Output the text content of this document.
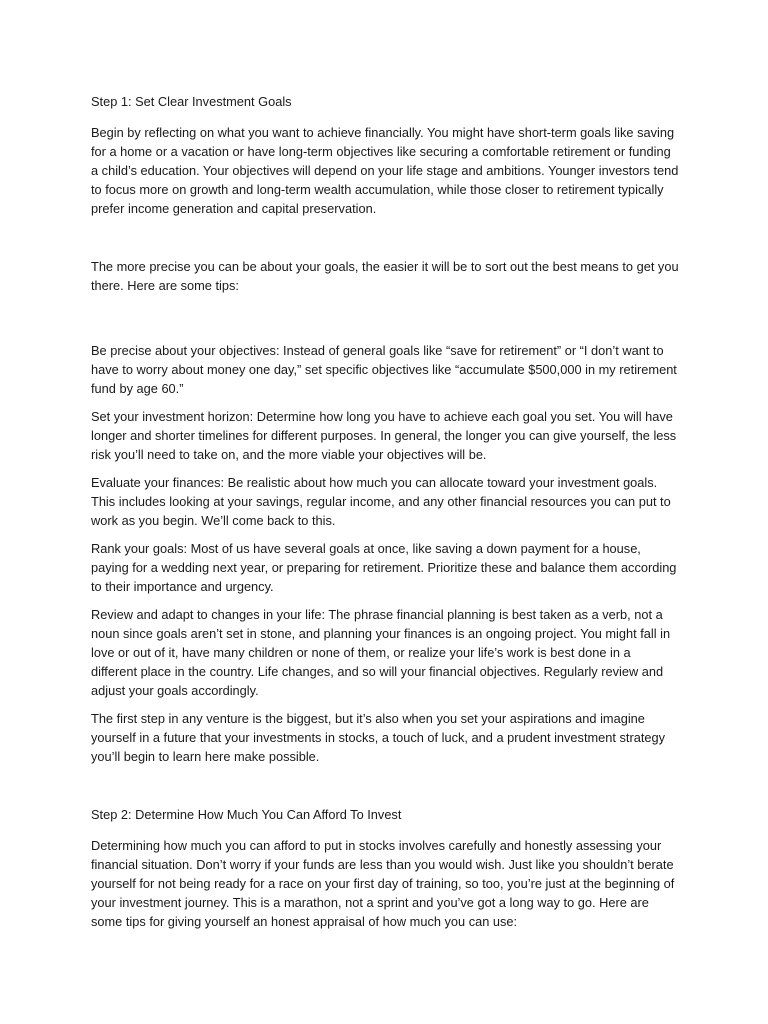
Step 1: Set Clear Investment Goals

Begin by reflecting on what you want to achieve financially. You might have short-term goals like saving for a home or a vacation or have long-term objectives like securing a comfortable retirement or funding a child’s education. Your objectives will depend on your life stage and ambitions. Younger investors tend to focus more on growth and long-term wealth accumulation, while those closer to retirement typically prefer income generation and capital preservation.

The more precise you can be about your goals, the easier it will be to sort out the best means to get you there. Here are some tips:

Be precise about your objectives: Instead of general goals like “save for retirement” or “I don’t want to have to worry about money one day,” set specific objectives like “accumulate $500,000 in my retirement fund by age 60.”

Set your investment horizon: Determine how long you have to achieve each goal you set. You will have longer and shorter timelines for different purposes. In general, the longer you can give yourself, the less risk you’ll need to take on, and the more viable your objectives will be.

Evaluate your finances: Be realistic about how much you can allocate toward your investment goals. This includes looking at your savings, regular income, and any other financial resources you can put to work as you begin. We’ll come back to this.

Rank your goals: Most of us have several goals at once, like saving a down payment for a house, paying for a wedding next year, or preparing for retirement. Prioritize these and balance them according to their importance and urgency.

Review and adapt to changes in your life: The phrase financial planning is best taken as a verb, not a noun since goals aren’t set in stone, and planning your finances is an ongoing project. You might fall in love or out of it, have many children or none of them, or realize your life’s work is best done in a different place in the country. Life changes, and so will your financial objectives. Regularly review and adjust your goals accordingly.

The first step in any venture is the biggest, but it’s also when you set your aspirations and imagine yourself in a future that your investments in stocks, a touch of luck, and a prudent investment strategy you’ll begin to learn here make possible.

Step 2: Determine How Much You Can Afford To Invest

Determining how much you can afford to put in stocks involves carefully and honestly assessing your financial situation. Don’t worry if your funds are less than you would wish. Just like you shouldn’t berate yourself for not being ready for a race on your first day of training, so too, you’re just at the beginning of your investment journey. This is a marathon, not a sprint and you’ve got a long way to go. Here are some tips for giving yourself an honest appraisal of how much you can use:
